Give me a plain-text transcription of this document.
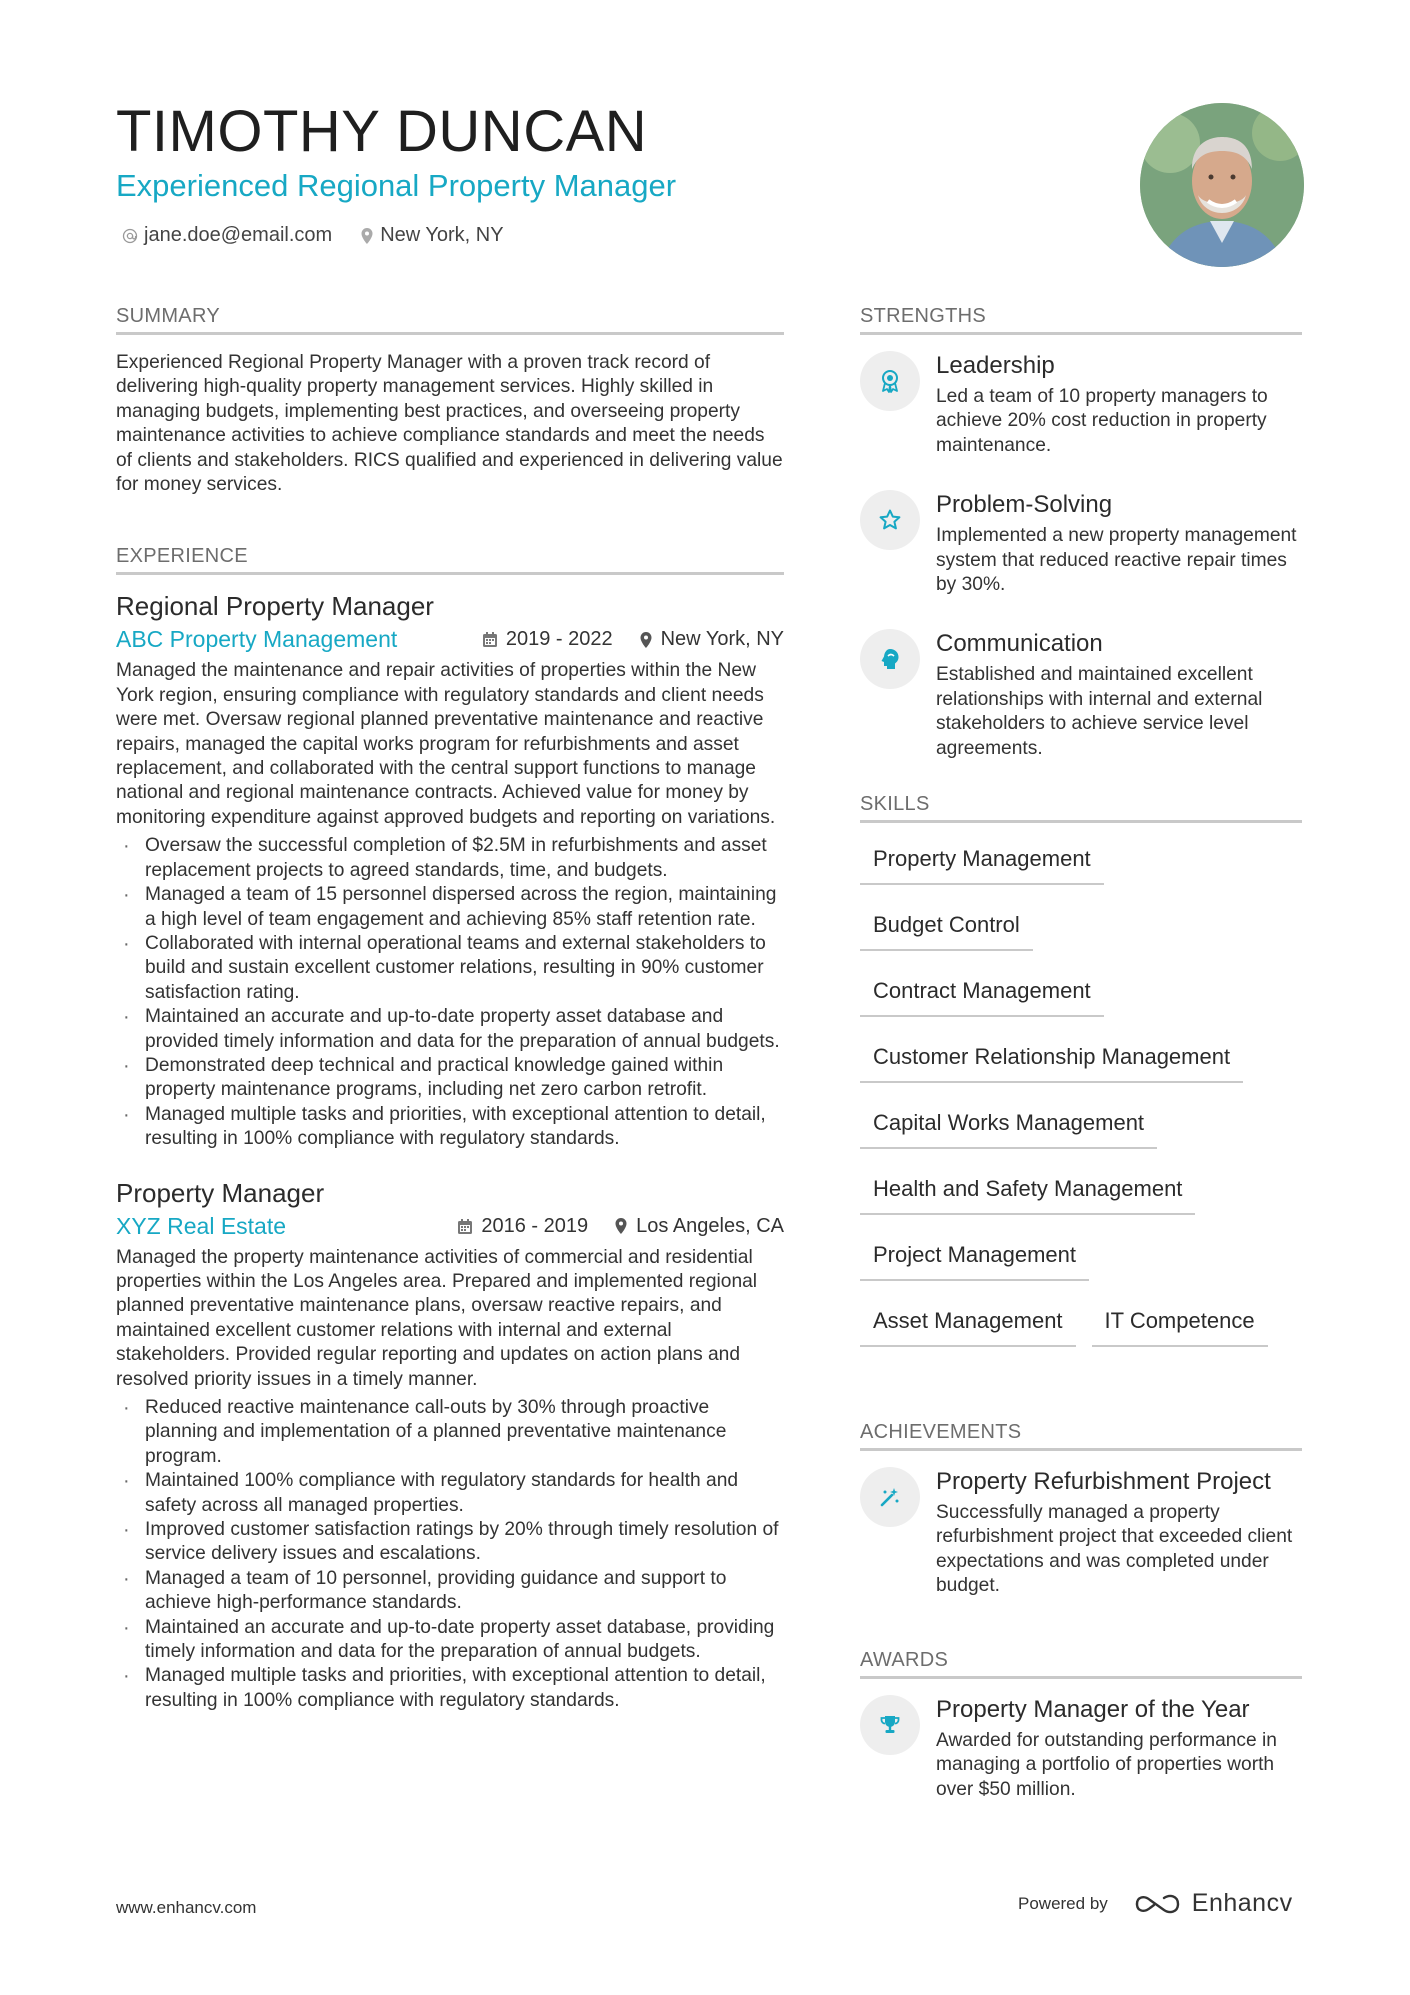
TIMOTHY DUNCAN
Experienced Regional Property Manager
jane.doe@email.com New York, NY
SUMMARY

Experienced Regional Property Manager with a proven track record of delivering high-quality property management services. Highly skilled in managing budgets, implementing best practices, and overseeing property maintenance activities to achieve compliance standards and meet the needs of clients and stakeholders. RICS qualified and experienced in delivering value for money services.

EXPERIENCE
Regional Property Manager
ABC Property Management	2019 - 2022 New York, NY

Managed the maintenance and repair activities of properties within the New York region, ensuring compliance with regulatory standards and client needs were met. Oversaw regional planned preventative maintenance and reactive repairs, managed the capital works program for refurbishments and asset replacement, and collaborated with the central support functions to manage national and regional maintenance contracts. Achieved value for money by monitoring expenditure against approved budgets and reporting on variations.

· Oversaw the successful completion of $2.5M in refurbishments and asset replacement projects to agreed standards, time, and budgets.
· Managed a team of 15 personnel dispersed across the region, maintaining a high level of team engagement and achieving 85% staff retention rate.
· Collaborated with internal operational teams and external stakeholders to build and sustain excellent customer relations, resulting in 90% customer satisfaction rating.
· Maintained an accurate and up-to-date property asset database and provided timely information and data for the preparation of annual budgets.
· Demonstrated deep technical and practical knowledge gained within property maintenance programs, including net zero carbon retrofit.
· Managed multiple tasks and priorities, with exceptional attention to detail, resulting in 100% compliance with regulatory standards.
Property Manager
XYZ Real Estate	2016 - 2019 Los Angeles, CA

Managed the property maintenance activities of commercial and residential properties within the Los Angeles area. Prepared and implemented regional planned preventative maintenance plans, oversaw reactive repairs, and maintained excellent customer relations with internal and external stakeholders. Provided regular reporting and updates on action plans and resolved priority issues in a timely manner.

· Reduced reactive maintenance call-outs by 30% through proactive planning and implementation of a planned preventative maintenance program.
· Maintained 100% compliance with regulatory standards for health and safety across all managed properties.
· Improved customer satisfaction ratings by 20% through timely resolution of service delivery issues and escalations.
· Managed a team of 10 personnel, providing guidance and support to achieve high-performance standards.
· Maintained an accurate and up-to-date property asset database, providing timely information and data for the preparation of annual budgets.
· Managed multiple tasks and priorities, with exceptional attention to detail, resulting in 100% compliance with regulatory standards.
STRENGTHS
Leadership

Led a team of 10 property managers to achieve 20% cost reduction in property maintenance.

Problem-Solving

Implemented a new property management system that reduced reactive repair times by 30%.

Communication

Established and maintained excellent relationships with internal and external stakeholders to achieve service level agreements.

SKILLS
Property Management
Budget Control
Contract Management
Customer Relationship Management
Capital Works Management
Health and Safety Management
Project Management
Asset Management	IT Competence
ACHIEVEMENTS
Property Refurbishment Project

Successfully managed a property refurbishment project that exceeded client expectations and was completed under budget.

AWARDS
Property Manager of the Year

Awarded for outstanding performance in managing a portfolio of properties worth over $50 million.

www.enhancv.com	Powered by	Enhancv
